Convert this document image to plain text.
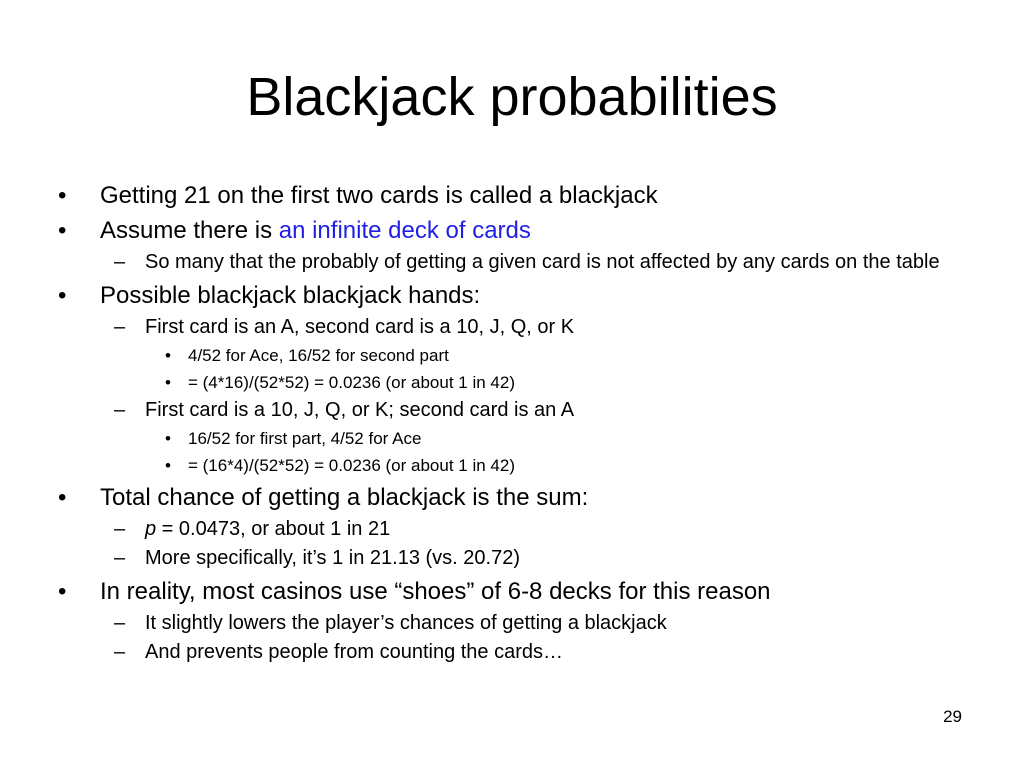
Blackjack probabilities
• Getting 21 on the first two cards is called a blackjack
• Assume there is an infinite deck of cards
– So many that the probably of getting a given card is not affected by any cards on the table
• Possible blackjack blackjack hands:
– First card is an A, second card is a 10, J, Q, or K
• 4/52 for Ace, 16/52 for second part
• = (4*16)/(52*52) = 0.0236 (or about 1 in 42)
– First card is a 10, J, Q, or K; second card is an A
• 16/52 for first part, 4/52 for Ace
• = (16*4)/(52*52) = 0.0236 (or about 1 in 42)
• Total chance of getting a blackjack is the sum:
– p = 0.0473, or about 1 in 21
– More specifically, it’s 1 in 21.13 (vs. 20.72)
• In reality, most casinos use “shoes” of 6-8 decks for this reason
– It slightly lowers the player’s chances of getting a blackjack
– And prevents people from counting the cards…
29
